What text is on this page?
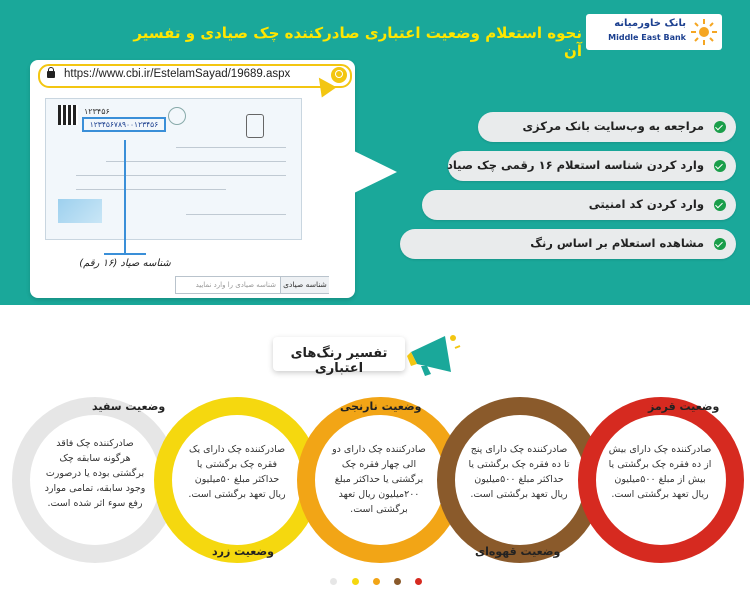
نحوه استعلام وضعیت اعتباری صادرکننده چک صیادی و تفسیر آن
بانک خاورمیانه
Middle East Bank
https://www.cbi.ir/EstelamSayad/19689.aspx
۱۲۳۴۵۶
۱۲۳۴۵۶۷۸۹۰۰۱۲۳۴۵۶
شناسه صیاد (۱۶ رقم)
شناسه صیادی را وارد نمایید شناسه صیادی
مراجعه به وب‌سایت بانک مرکزی
وارد کردن شناسه استعلام ۱۶ رقمی چک صیاد
وارد کردن کد امنیتی
مشاهده استعلام بر اساس رنگ
تفسیر رنگ‌های اعتباری
صادرکننده چک دارای بیش از ده فقره چک برگشتی یا بیش از مبلغ ۵۰۰میلیون ریال تعهد برگشتی است.
صادرکننده چک دارای پنج تا ده فقره چک برگشتی یا حداکثر مبلغ ۵۰۰میلیون ریال تعهد برگشتی است.
صادرکننده چک دارای دو الی چهار فقره چک برگشتی یا حداکثر مبلغ ۲۰۰میلیون ریال تعهد برگشتی است.
صادرکننده چک دارای یک فقره چک برگشتی یا حداکثر مبلغ ۵۰میلیون ریال تعهد برگشتی است.
صادرکننده چک فاقد هرگونه سابقه چک برگشتی بوده یا درصورت وجود سابقه، تمامی موارد رفع سوء اثر شده است.
وضعیت قرمز
وضعیت قهوه‌ای
وضعیت نارنجی
وضعیت زرد
وضعیت سفید
